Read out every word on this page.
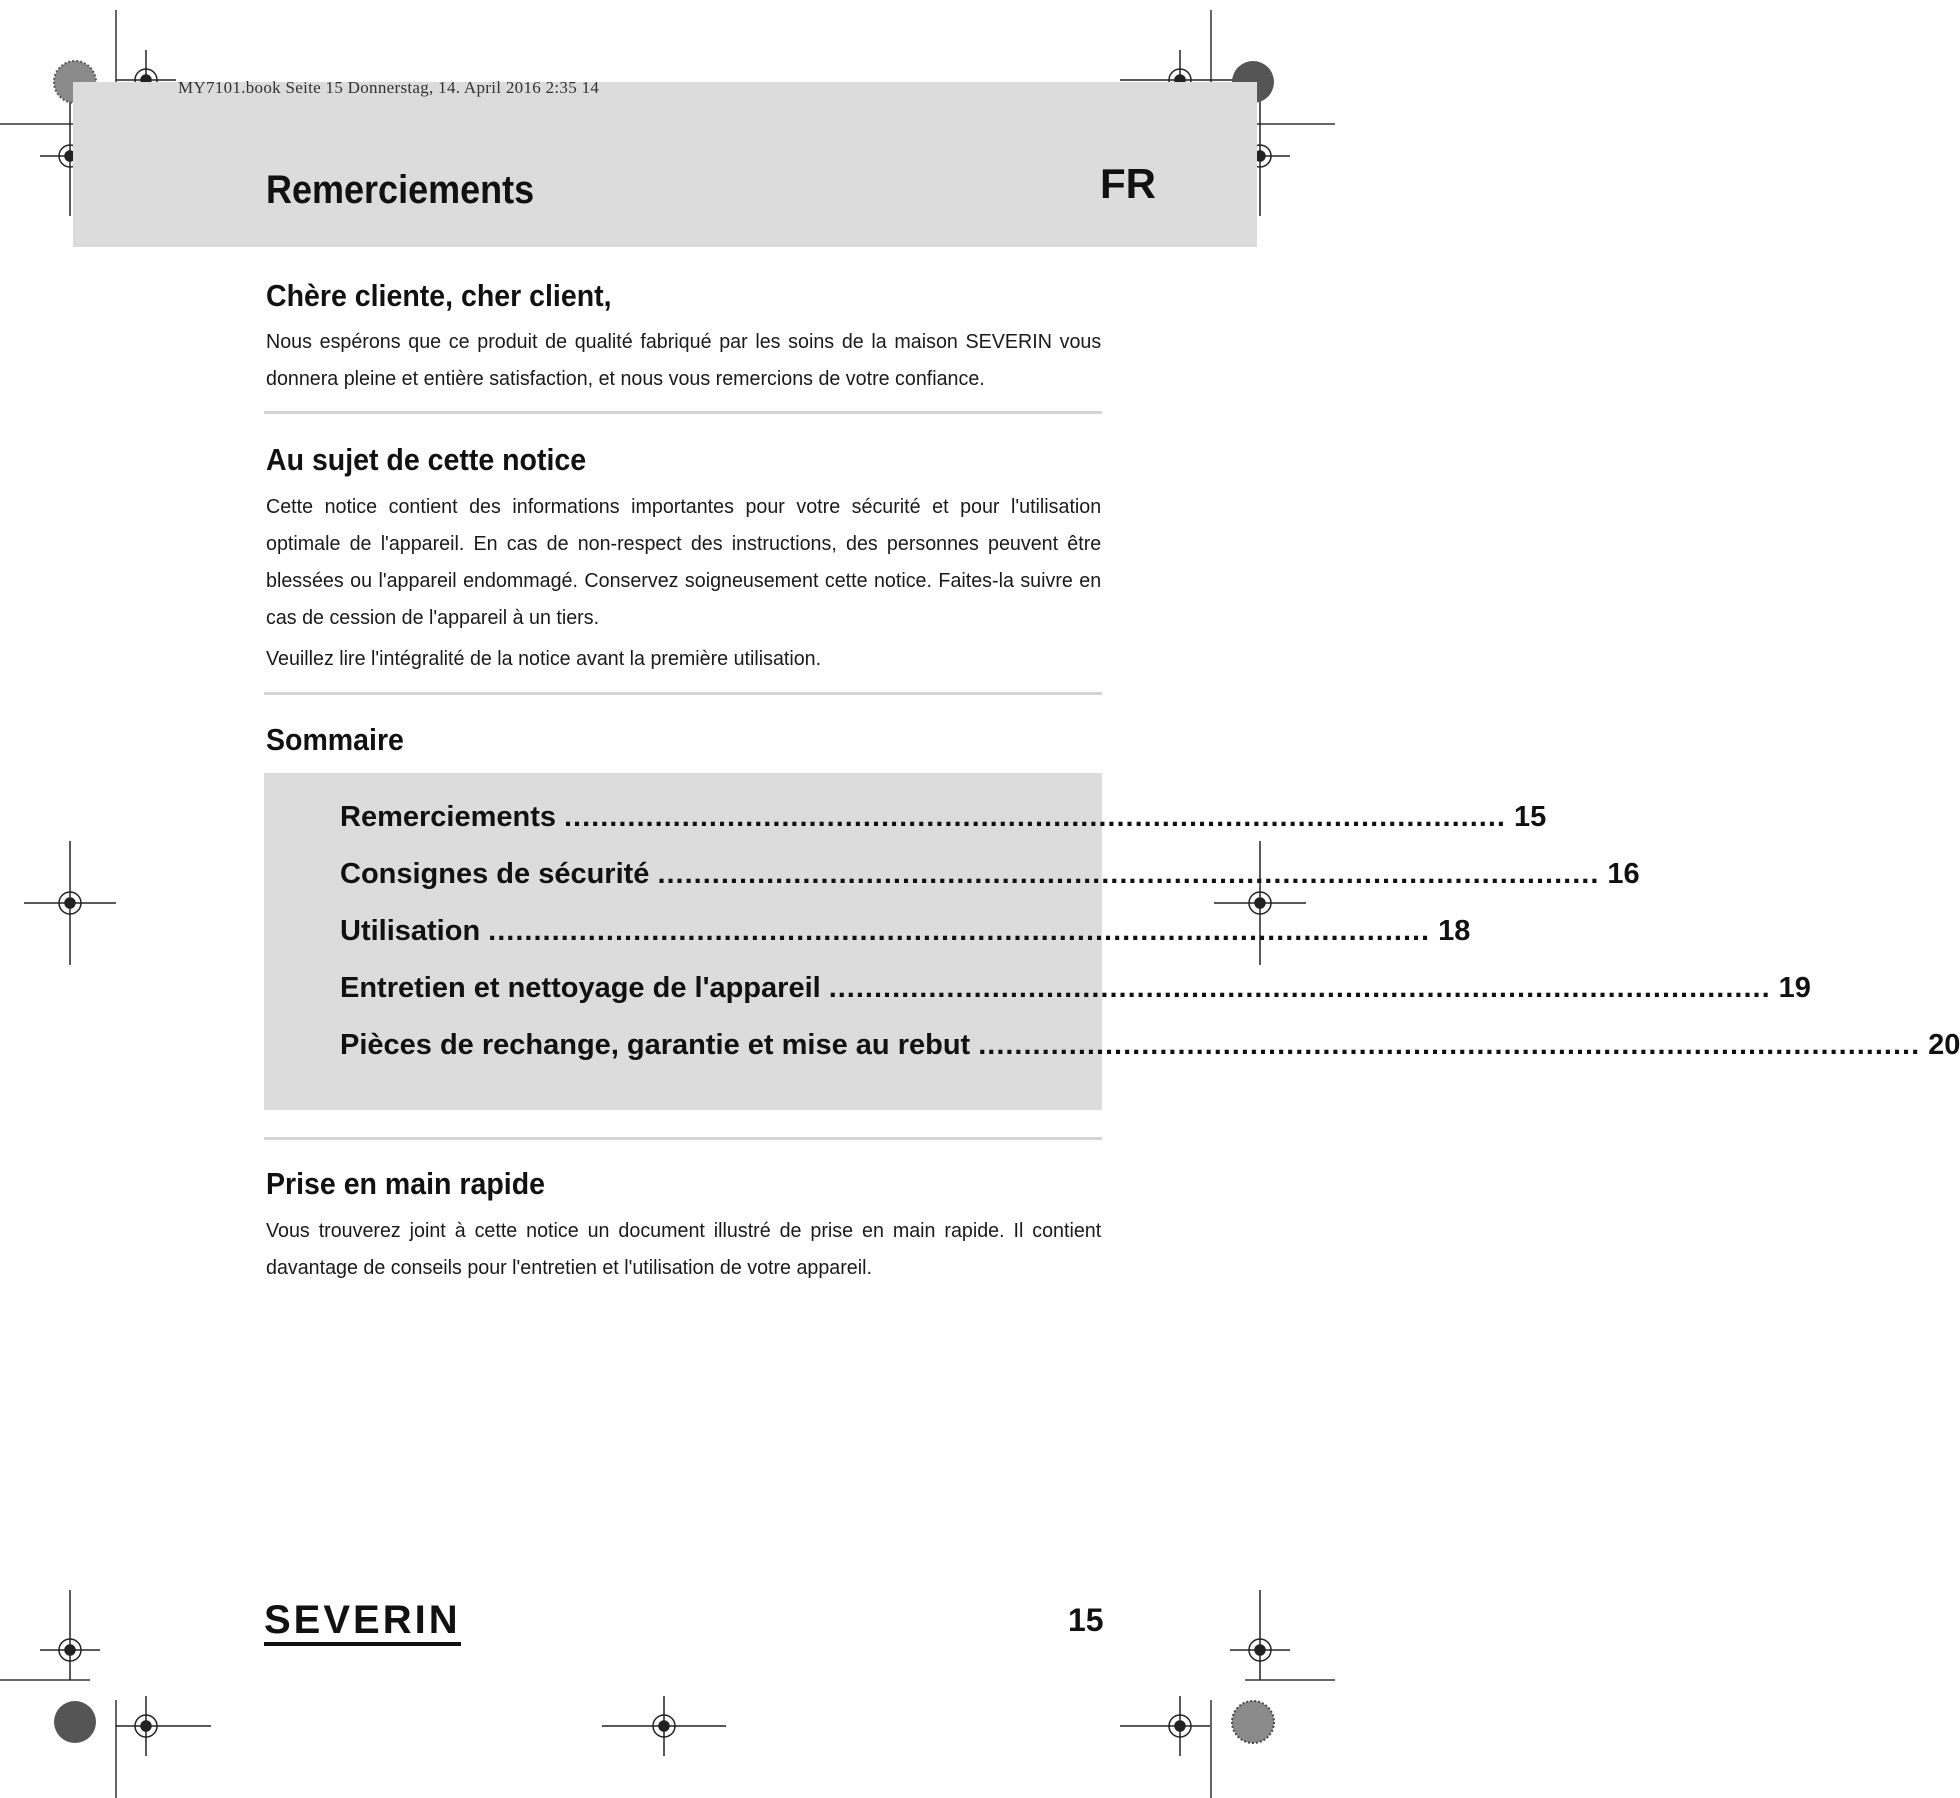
MY7101.book Seite 15 Donnerstag, 14. April 2016 2:35 14
Remerciements	FR
Chère cliente, cher client,

Nous espérons que ce produit de qualité fabriqué par les soins de la maison SEVERIN vous donnera pleine et entière satisfaction, et nous vous remercions de votre confiance.

Au sujet de cette notice

Cette notice contient des informations importantes pour votre sécurité et pour l'utilisation optimale de l'appareil. En cas de non-respect des instructions, des personnes peuvent être blessées ou l'appareil endommagé. Conservez soigneusement cette notice. Faites-la suivre en cas de cession de l'appareil à un tiers.

Veuillez lire l'intégralité de la notice avant la première utilisation.

Sommaire
Remerciements ........................................................................................................ 15
Consignes de sécurité ........................................................................................................ 16
Utilisation ........................................................................................................ 18
Entretien et nettoyage de l'appareil ........................................................................................................ 19
Pièces de rechange, garantie et mise au rebut ........................................................................................................ 20
Prise en main rapide

Vous trouverez joint à cette notice un document illustré de prise en main rapide. Il contient davantage de conseils pour l'entretien et l'utilisation de votre appareil.

SEVERIN	15
